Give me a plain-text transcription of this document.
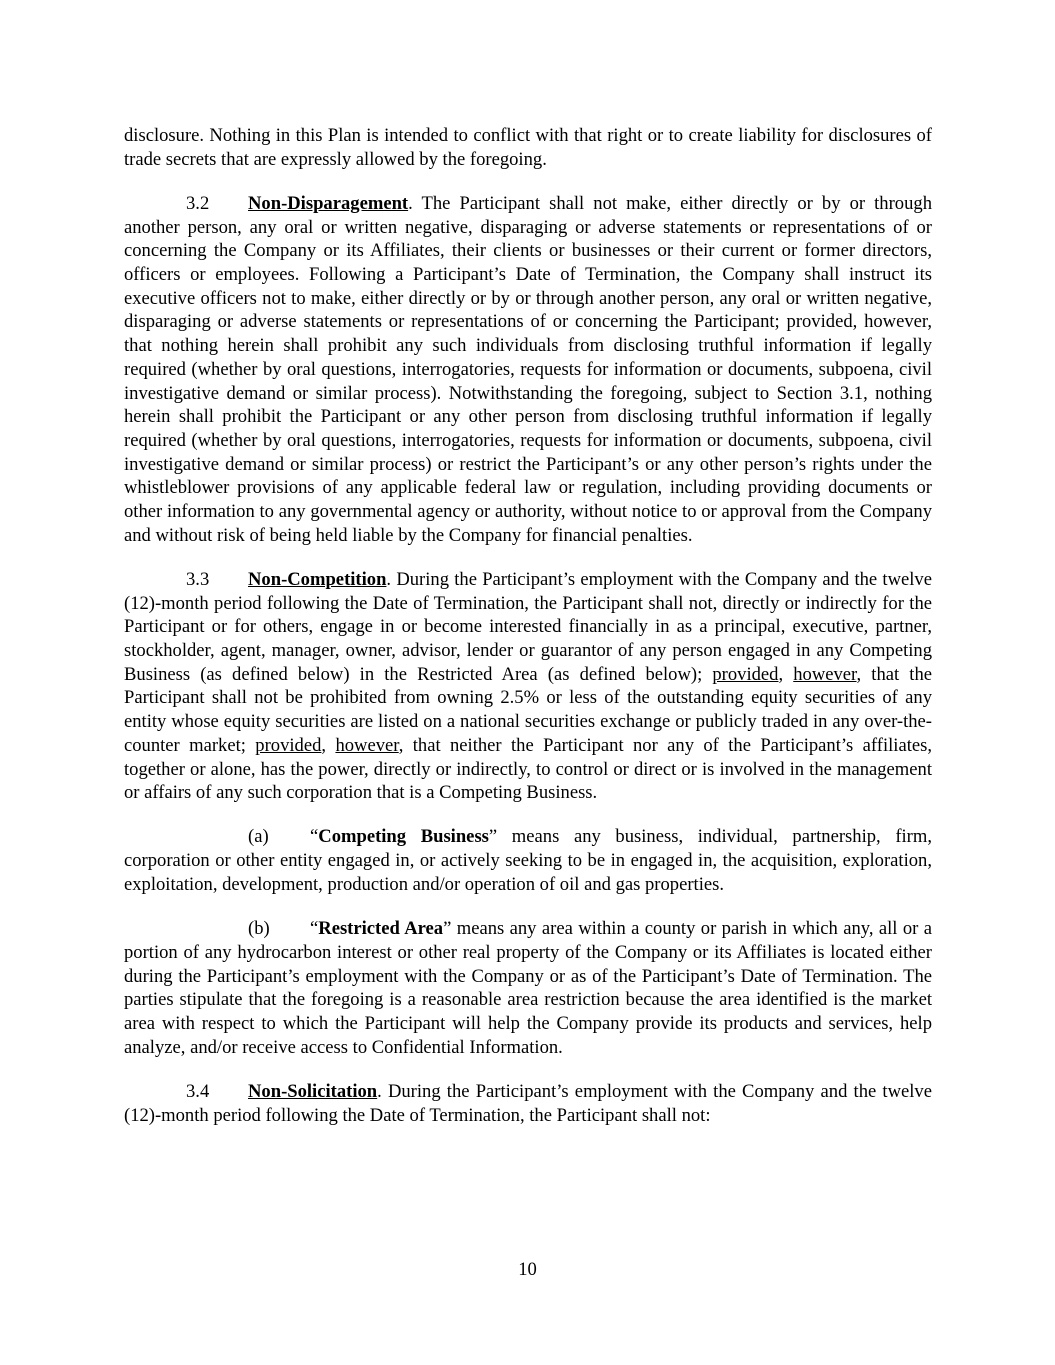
disclosure. Nothing in this Plan is intended to conflict with that right or to create liability for disclosures of trade secrets that are expressly allowed by the foregoing.

3.2 Non-Disparagement. The Participant shall not make, either directly or by or through another person, any oral or written negative, disparaging or adverse statements or representations of or concerning the Company or its Affiliates, their clients or businesses or their current or former directors, officers or employees. Following a Participant’s Date of Termination, the Company shall instruct its executive officers not to make, either directly or by or through another person, any oral or written negative, disparaging or adverse statements or representations of or concerning the Participant; provided, however, that nothing herein shall prohibit any such individuals from disclosing truthful information if legally required (whether by oral questions, interrogatories, requests for information or documents, subpoena, civil investigative demand or similar process). Notwithstanding the foregoing, subject to Section 3.1, nothing herein shall prohibit the Participant or any other person from disclosing truthful information if legally required (whether by oral questions, interrogatories, requests for information or documents, subpoena, civil investigative demand or similar process) or restrict the Participant’s or any other person’s rights under the whistleblower provisions of any applicable federal law or regulation, including providing documents or other information to any governmental agency or authority, without notice to or approval from the Company and without risk of being held liable by the Company for financial penalties.

3.3 Non-Competition. During the Participant’s employment with the Company and the twelve (12)-month period following the Date of Termination, the Participant shall not, directly or indirectly for the Participant or for others, engage in or become interested financially in as a principal, executive, partner, stockholder, agent, manager, owner, advisor, lender or guarantor of any person engaged in any Competing Business (as defined below) in the Restricted Area (as defined below); provided, however, that the Participant shall not be prohibited from owning 2.5% or less of the outstanding equity securities of any entity whose equity securities are listed on a national securities exchange or publicly traded in any over-the-counter market; provided, however, that neither the Participant nor any of the Participant’s affiliates, together or alone, has the power, directly or indirectly, to control or direct or is involved in the management or affairs of any such corporation that is a Competing Business.

(a) “Competing Business” means any business, individual, partnership, firm, corporation or other entity engaged in, or actively seeking to be in engaged in, the acquisition, exploration, exploitation, development, production and/or operation of oil and gas properties.

(b) “Restricted Area” means any area within a county or parish in which any, all or a portion of any hydrocarbon interest or other real property of the Company or its Affiliates is located either during the Participant’s employment with the Company or as of the Participant’s Date of Termination. The parties stipulate that the foregoing is a reasonable area restriction because the area identified is the market area with respect to which the Participant will help the Company provide its products and services, help analyze, and/or receive access to Confidential Information.

3.4 Non-Solicitation. During the Participant’s employment with the Company and the twelve (12)-month period following the Date of Termination, the Participant shall not:

10
